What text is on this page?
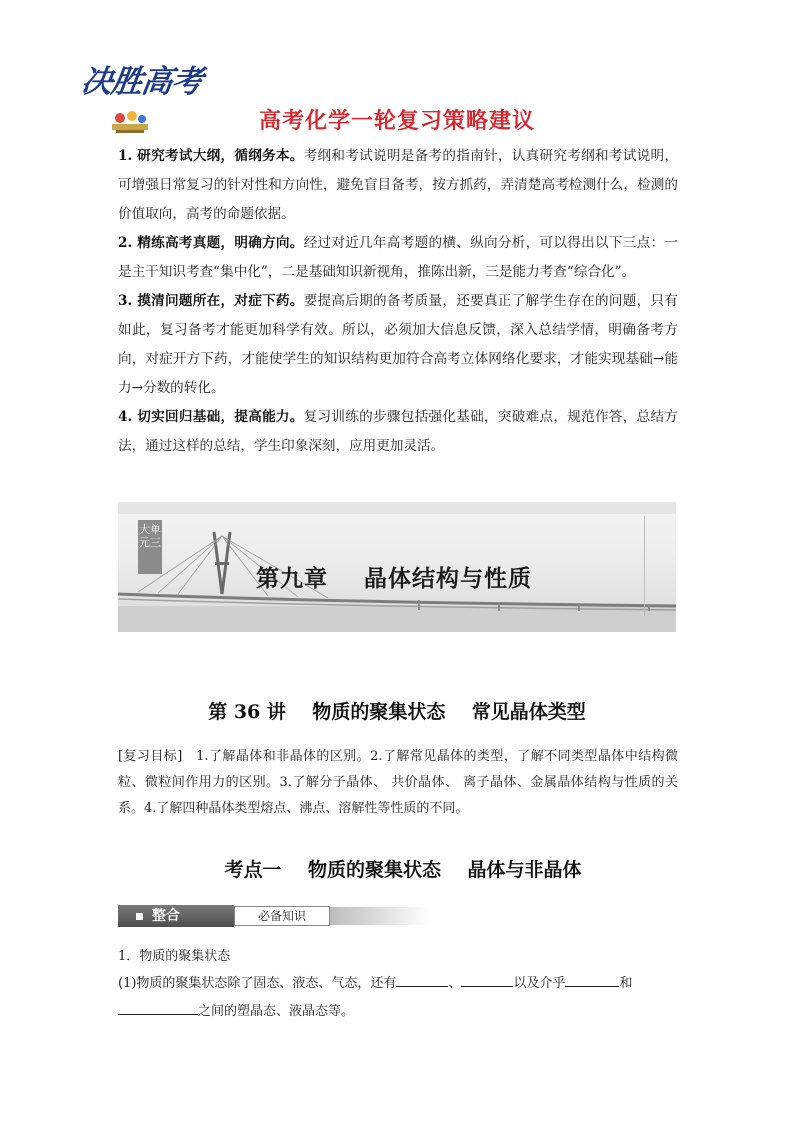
决胜高考
高考化学一轮复习策略建议

1. 研究考试大纲，循纲务本。考纲和考试说明是备考的指南针，认真研究考纲和考试说明，可增强日常复习的针对性和方向性，避免盲目备考，按方抓药，弄清楚高考检测什么，检测的价值取向，高考的命题依据。

2. 精练高考真题，明确方向。经过对近几年高考题的横、纵向分析，可以得出以下三点：一是主干知识考查“集中化”，二是基础知识新视角，推陈出新，三是能力考查“综合化”。

3. 摸清问题所在，对症下药。要提高后期的备考质量，还要真正了解学生存在的问题，只有如此，复习备考才能更加科学有效。所以，必须加大信息反馈，深入总结学情，明确备考方向，对症开方下药，才能使学生的知识结构更加符合高考立体网络化要求，才能实现基础→能力→分数的转化。

4. 切实回归基础，提高能力。复习训练的步骤包括强化基础，突破难点，规范作答，总结方法，通过这样的总结，学生印象深刻，应用更加灵活。

大单元三
第九章    晶体结构与性质
第 36 讲    物质的聚集状态    常见晶体类型

[复习目标]　1.了解晶体和非晶体的区别。2.了解常见晶体的类型，了解不同类型晶体中结构微粒、微粒间作用力的区别。3.了解分子晶体、 共价晶体、 离子晶体、金属晶体结构与性质的关系。4.了解四种晶体类型熔点、沸点、溶解性等性质的不同。

考点一    物质的聚集状态    晶体与非晶体
整合	必备知识
1．物质的聚集状态

(1)物质的聚集状态除了固态、液态、气态，还有	、	以及介乎	和

之间的塑晶态、液晶态等。
